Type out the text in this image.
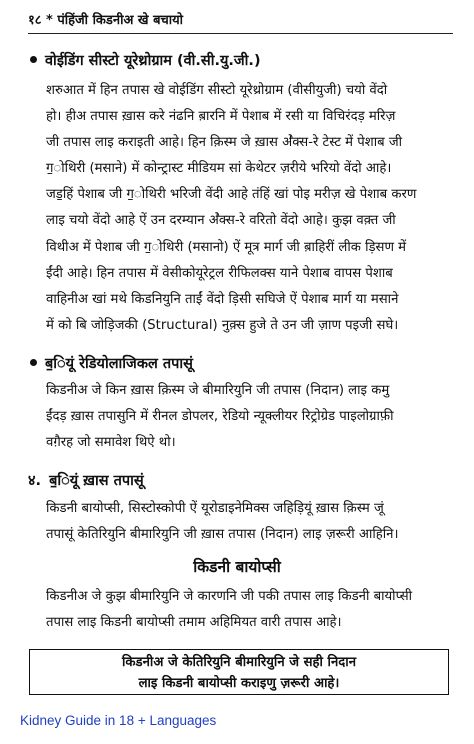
१८ * पंहिंजी किडनीअ खे बचायो
वोईडिंग सीस्टो यूरेथ्रोग्राम (वी.सी.यु.जी.)
शरुआत में हिन तपास खे वोईडिंग सीस्टो यूरेथ्रोग्राम (वीसीयुजी) चयो वेंदो
हो। हीअ तपास ख़ास करे नंढनि ब़ारनि में पेशाब में रसी या विचिरंदड़ मरिज़
जी तपास लाइ कराइती आहे। हिन क़िस्म जे ख़ास ॳेक्स-रे टेस्ट में पेशाब जी
ग॒ोथिरी (मसाने) में कोन्ट्रास्ट मीडियम सां केथेटर ज़रीये भरियो वेंदो आहे।
जड॒हिं पेशाब जी ग॒ोथिरी भरिजी वेंदी आहे तंहिं खां पोइ मरीज़ खे पेशाब करण
लाइ चयो वेंदो आहे ऐं उन दरम्यान ॳेक्स-रे वरितो वेंदो आहे। कुझ वक़्त जी
विथीअ में पेशाब जी ग॒ोथिरी (मसानो) ऐं मूत्र मार्ग जी ब़ाहिरीं लीक ड़िसण में
ईंदी आहे। हिन तपास में वेसीकोयूरेट्रल रीफिलक्स याने पेशाब वापस पेशाब
वाहिनीअ खां मथे किडनियुनि ताईं वेंदो ड़िसी सघिजे ऐं पेशाब मार्ग या मसाने
में को बि जोड़िजकी (Structural) नुक़्स हुजे ते उन जी ज़ाण पइजी सघे।
ब॒ियूं रेडियोलाजिकल तपासूं
किडनीअ जे किन ख़ास क़िस्म जे बीमारियुनि जी तपास (निदान) लाइ कमु
ईंदड़ ख़ास तपासुनि में रीनल डोपलर, रेडियो न्यूक्लीयर रिट्रोग्रेड पाइलोग्राफ़ी
वग़ैरह जो समावेश थिऐ थो।
४. ब॒ियूं ख़ास तपासूं
किडनी बायोप्सी, सिस्टोस्कोपी ऐं यूरोडाइनेमिक्स जहिड़ियूं ख़ास क़िस्म जूं
तपासूं केतिरियुनि बीमारियुनि जी ख़ास तपास (निदान) लाइ ज़रूरी आहिनि।
किडनी बायोप्सी
किडनीअ जे कुझ बीमारियुनि जे कारणनि जी पकी तपास लाइ किडनी बायोप्सी
तपास लाइ किडनी बायोप्सी तमाम अहिमियत वारी तपास आहे।
किडनीअ जे केतिरियुनि बीमारियुनि जे सही निदान
लाइ किडनी बायोप्सी कराइणु ज़रूरी आहे।
Kidney Guide in 18 + Languages
